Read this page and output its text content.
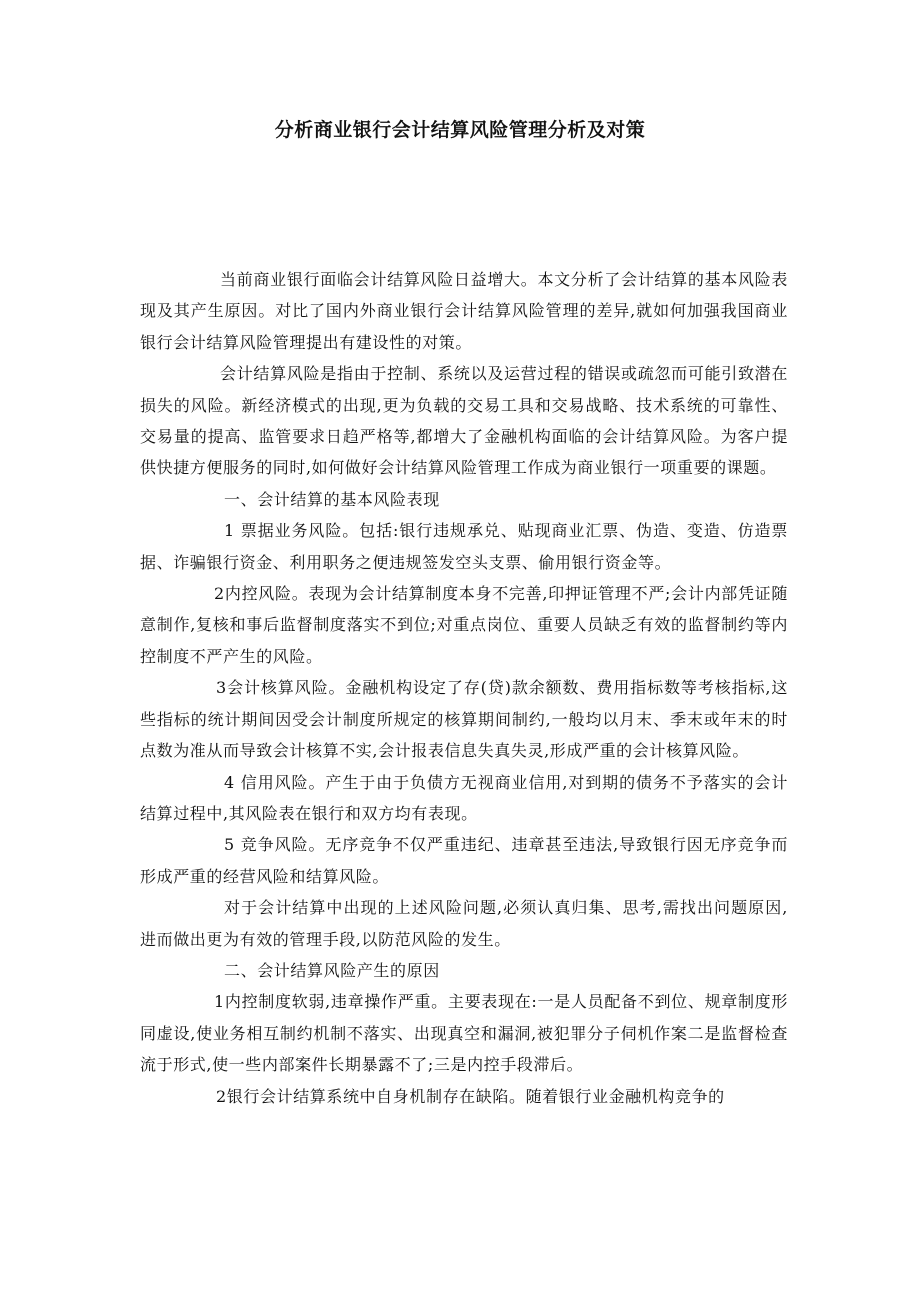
分析商业银行会计结算风险管理分析及对策

当前商业银行面临会计结算风险日益增大。本文分析了会计结算的基本风险表现及其产生原因。对比了国内外商业银行会计结算风险管理的差异,就如何加强我国商业银行会计结算风险管理提出有建设性的对策。

会计结算风险是指由于控制、系统以及运营过程的错误或疏忽而可能引致潜在损失的风险。新经济模式的出现,更为负载的交易工具和交易战略、技术系统的可靠性、交易量的提高、监管要求日趋严格等,都增大了金融机构面临的会计结算风险。为客户提供快捷方便服务的同时,如何做好会计结算风险管理工作成为商业银行一项重要的课题。

一、会计结算的基本风险表现

1 票据业务风险。包括:银行违规承兑、贴现商业汇票、伪造、变造、仿造票据、诈骗银行资金、利用职务之便违规签发空头支票、偷用银行资金等。

2内控风险。表现为会计结算制度本身不完善,印押证管理不严;会计内部凭证随意制作,复核和事后监督制度落实不到位;对重点岗位、重要人员缺乏有效的监督制约等内控制度不严产生的风险。

3会计核算风险。金融机构设定了存(贷)款余额数、费用指标数等考核指标,这些指标的统计期间因受会计制度所规定的核算期间制约,一般均以月末、季末或年末的时点数为准从而导致会计核算不实,会计报表信息失真失灵,形成严重的会计核算风险。

4 信用风险。产生于由于负债方无视商业信用,对到期的债务不予落实的会计结算过程中,其风险表在银行和双方均有表现。

5 竞争风险。无序竞争不仅严重违纪、违章甚至违法,导致银行因无序竞争而形成严重的经营风险和结算风险。

对于会计结算中出现的上述风险问题,必须认真归集、思考,需找出问题原因,进而做出更为有效的管理手段,以防范风险的发生。

二、会计结算风险产生的原因

1内控制度软弱,违章操作严重。主要表现在:一是人员配备不到位、规章制度形同虚设,使业务相互制约机制不落实、出现真空和漏洞,被犯罪分子伺机作案二是监督检查流于形式,使一些内部案件长期暴露不了;三是内控手段滞后。

2银行会计结算系统中自身机制存在缺陷。随着银行业金融机构竞争的
